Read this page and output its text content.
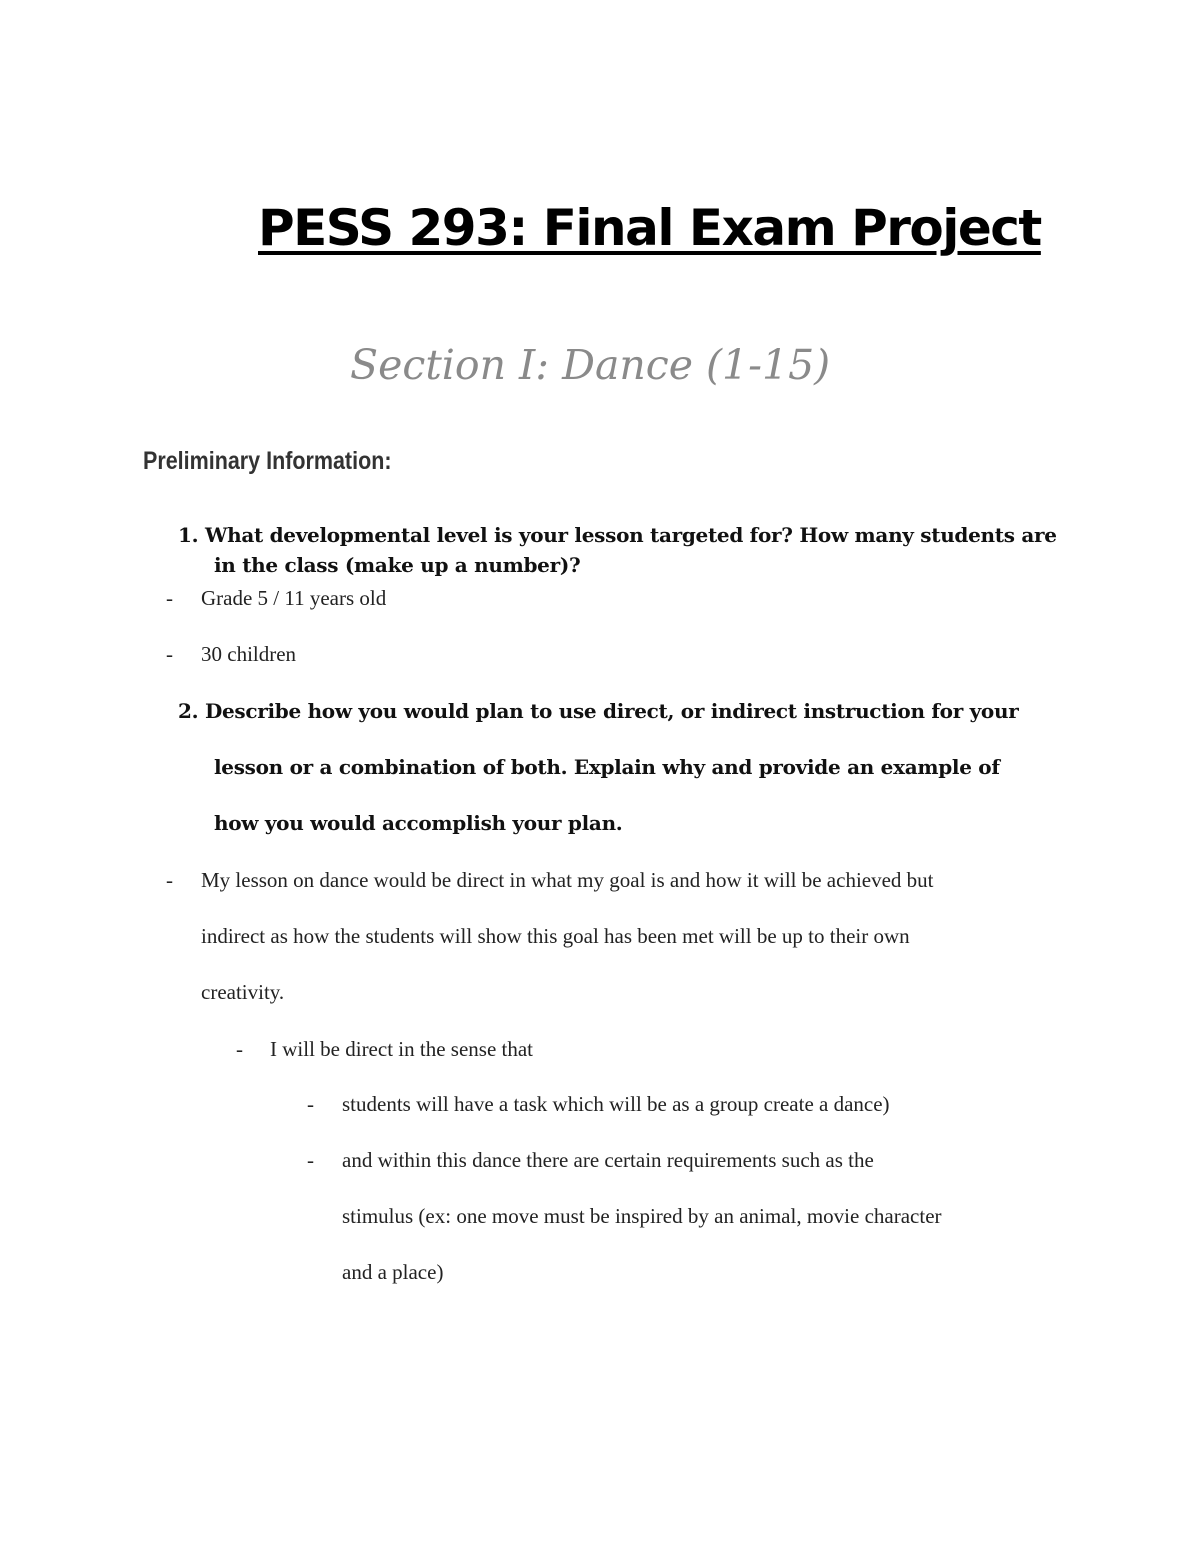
PESS 293: Final Exam Project
Section I: Dance (1-15)
Preliminary Information:
1. What developmental level is your lesson targeted for? How many students are
in the class (make up a number)?
- Grade 5 / 11 years old
- 30 children
2. Describe how you would plan to use direct, or indirect instruction for your
lesson or a combination of both. Explain why and provide an example of
how you would accomplish your plan.
- My lesson on dance would be direct in what my goal is and how it will be achieved but
indirect as how the students will show this goal has been met will be up to their own
creativity.
- I will be direct in the sense that
- students will have a task which will be as a group create a dance)
- and within this dance there are certain requirements such as the
stimulus (ex: one move must be inspired by an animal, movie character
and a place)
